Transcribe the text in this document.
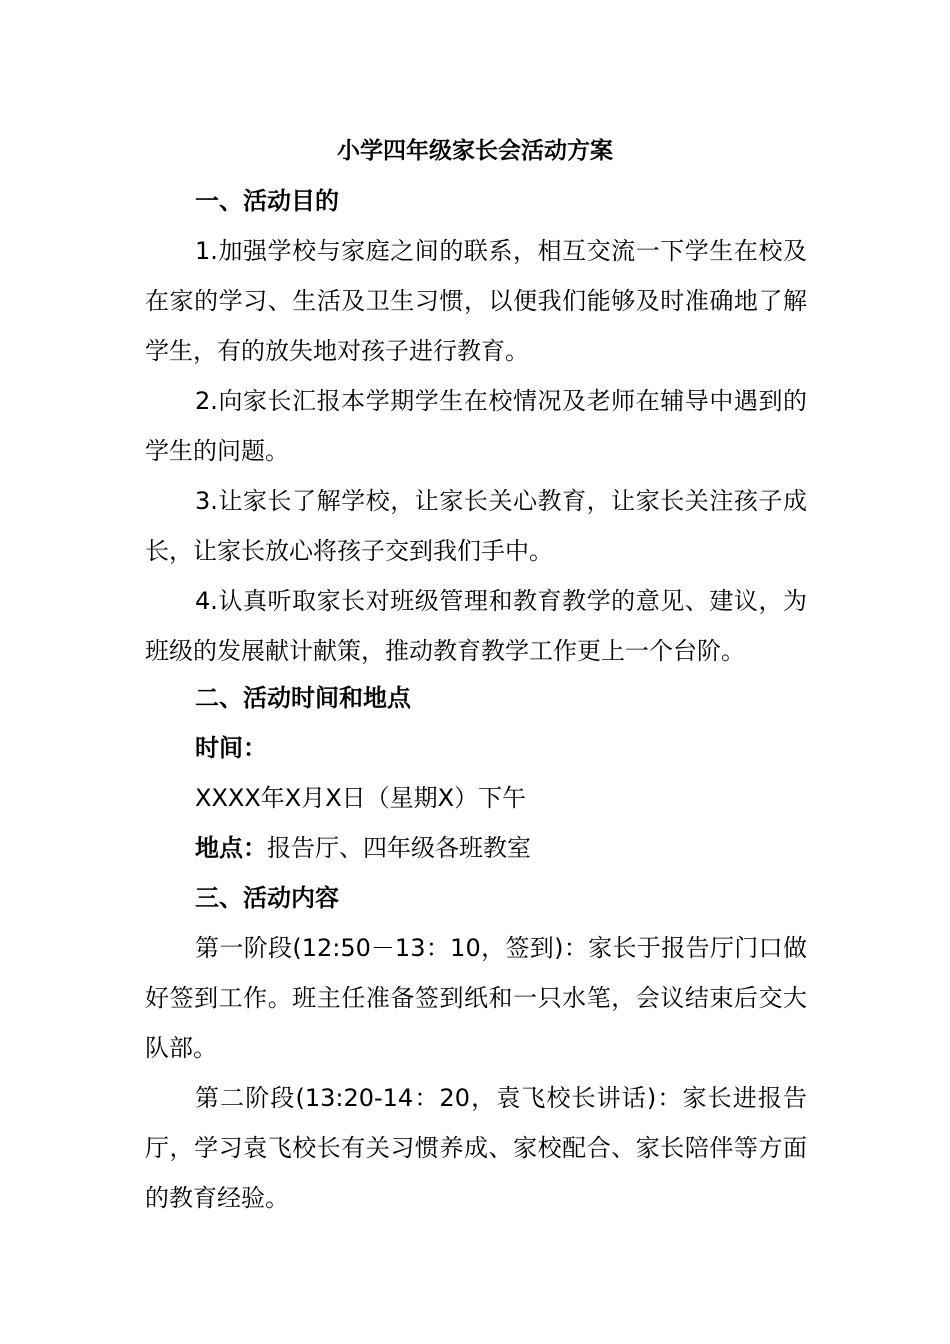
小学四年级家长会活动方案
一、活动目的
1.加强学校与家庭之间的联系，相互交流一下学生在校及在家的学习、生活及卫生习惯，以便我们能够及时准确地了解学生，有的放失地对孩子进行教育。
2.向家长汇报本学期学生在校情况及老师在辅导中遇到的学生的问题。
3.让家长了解学校，让家长关心教育，让家长关注孩子成长，让家长放心将孩子交到我们手中。
4.认真听取家长对班级管理和教育教学的意见、建议，为班级的发展献计献策，推动教育教学工作更上一个台阶。
二、活动时间和地点
时间：
XXXX年X月X日（星期X）下午
地点：报告厅、四年级各班教室
三、活动内容
第一阶段(12:50－13：10，签到)：家长于报告厅门口做好签到工作。班主任准备签到纸和一只水笔，会议结束后交大队部。
第二阶段(13:20-14：20，袁飞校长讲话)：家长进报告厅，学习袁飞校长有关习惯养成、家校配合、家长陪伴等方面的教育经验。
